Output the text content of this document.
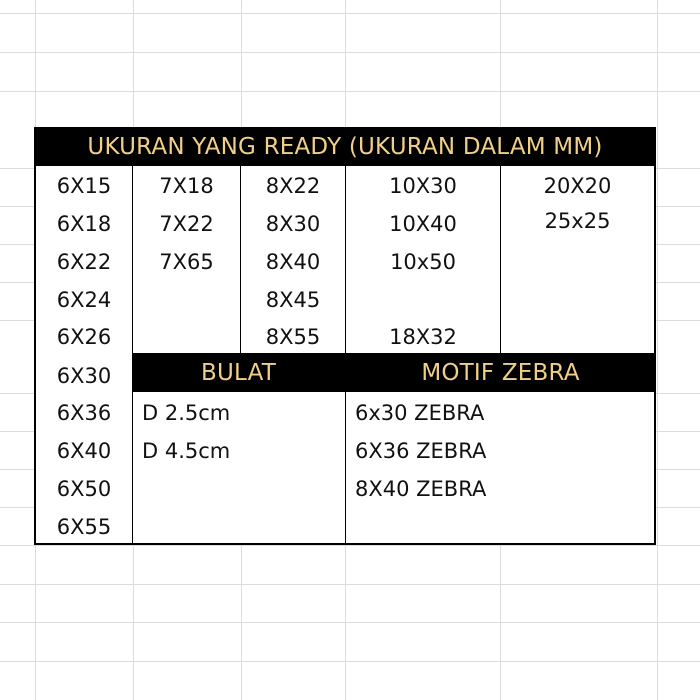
UKURAN YANG READY (UKURAN DALAM MM)
BULAT	MOTIF ZEBRA
6X15
6X18
6X22
6X24
6X26
6X30
6X36
6X40
6X50
6X55
7X18
7X22
7X65
8X22
8X30
8X40
8X45
8X55
10X30
10X40
10x50
18X32
20X20
25x25
D 2.5cm
D 4.5cm
6x30 ZEBRA
6X36 ZEBRA
8X40 ZEBRA
